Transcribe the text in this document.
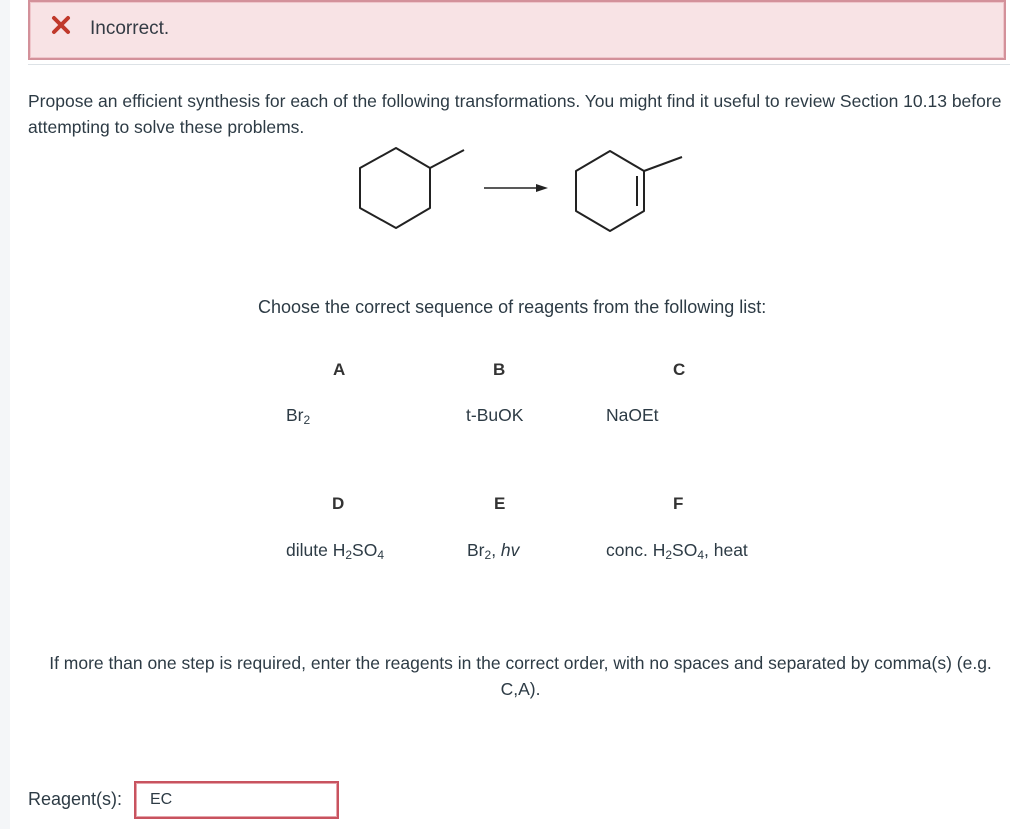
Incorrect.
Propose an efficient synthesis for each of the following transformations. You might find it useful to review Section 10.13 before attempting to solve these problems.
Choose the correct sequence of reagents from the following list:
A	B	C
$Br_2$	t-BuOK	NaOEt
D	E	F
dilute $H_2SO_4$	$Br_2$, hv	conc. $H_2SO_4$, heat
If more than one step is required, enter the reagents in the correct order, with no spaces and separated by comma(s) (e.g. C,A).
Reagent(s):
EC
